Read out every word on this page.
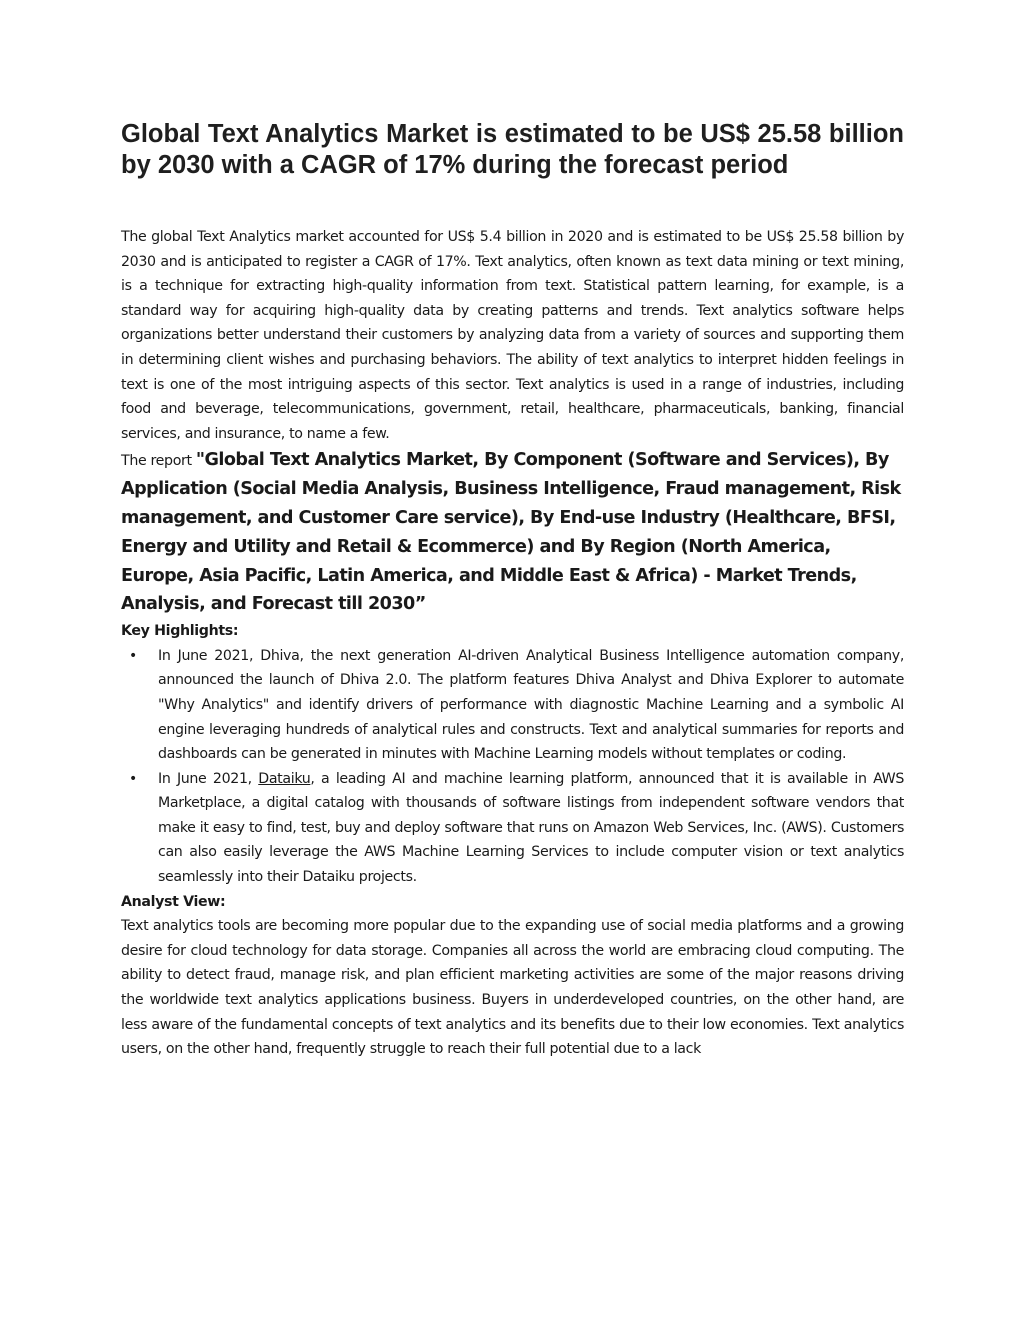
Global Text Analytics Market is estimated to be US$ 25.58 billion by 2030 with a CAGR of 17% during the forecast period

The global Text Analytics market accounted for US$ 5.4 billion in 2020 and is estimated to be US$ 25.58 billion by 2030 and is anticipated to register a CAGR of 17%. Text analytics, often known as text data mining or text mining, is a technique for extracting high-quality information from text. Statistical pattern learning, for example, is a standard way for acquiring high-quality data by creating patterns and trends. Text analytics software helps organizations better understand their customers by analyzing data from a variety of sources and supporting them in determining client wishes and purchasing behaviors. The ability of text analytics to interpret hidden feelings in text is one of the most intriguing aspects of this sector. Text analytics is used in a range of industries, including food and beverage, telecommunications, government, retail, healthcare, pharmaceuticals, banking, financial services, and insurance, to name a few.

The report "Global Text Analytics Market, By Component (Software and Services), By Application (Social Media Analysis, Business Intelligence, Fraud management, Risk management, and Customer Care service), By End-use Industry (Healthcare, BFSI, Energy and Utility and Retail & Ecommerce) and By Region (North America, Europe, Asia Pacific, Latin America, and Middle East & Africa) - Market Trends, Analysis, and Forecast till 2030”

Key Highlights:

• In June 2021, Dhiva, the next generation AI-driven Analytical Business Intelligence automation company, announced the launch of Dhiva 2.0. The platform features Dhiva Analyst and Dhiva Explorer to automate "Why Analytics" and identify drivers of performance with diagnostic Machine Learning and a symbolic AI engine leveraging hundreds of analytical rules and constructs. Text and analytical summaries for reports and dashboards can be generated in minutes with Machine Learning models without templates or coding.
• In June 2021, Dataiku, a leading AI and machine learning platform, announced that it is available in AWS Marketplace, a digital catalog with thousands of software listings from independent software vendors that make it easy to find, test, buy and deploy software that runs on Amazon Web Services, Inc. (AWS). Customers can also easily leverage the AWS Machine Learning Services to include computer vision or text analytics seamlessly into their Dataiku projects.

Analyst View:

Text analytics tools are becoming more popular due to the expanding use of social media platforms and a growing desire for cloud technology for data storage. Companies all across the world are embracing cloud computing. The ability to detect fraud, manage risk, and plan efficient marketing activities are some of the major reasons driving the worldwide text analytics applications business. Buyers in underdeveloped countries, on the other hand, are less aware of the fundamental concepts of text analytics and its benefits due to their low economies. Text analytics users, on the other hand, frequently struggle to reach their full potential due to a lack
